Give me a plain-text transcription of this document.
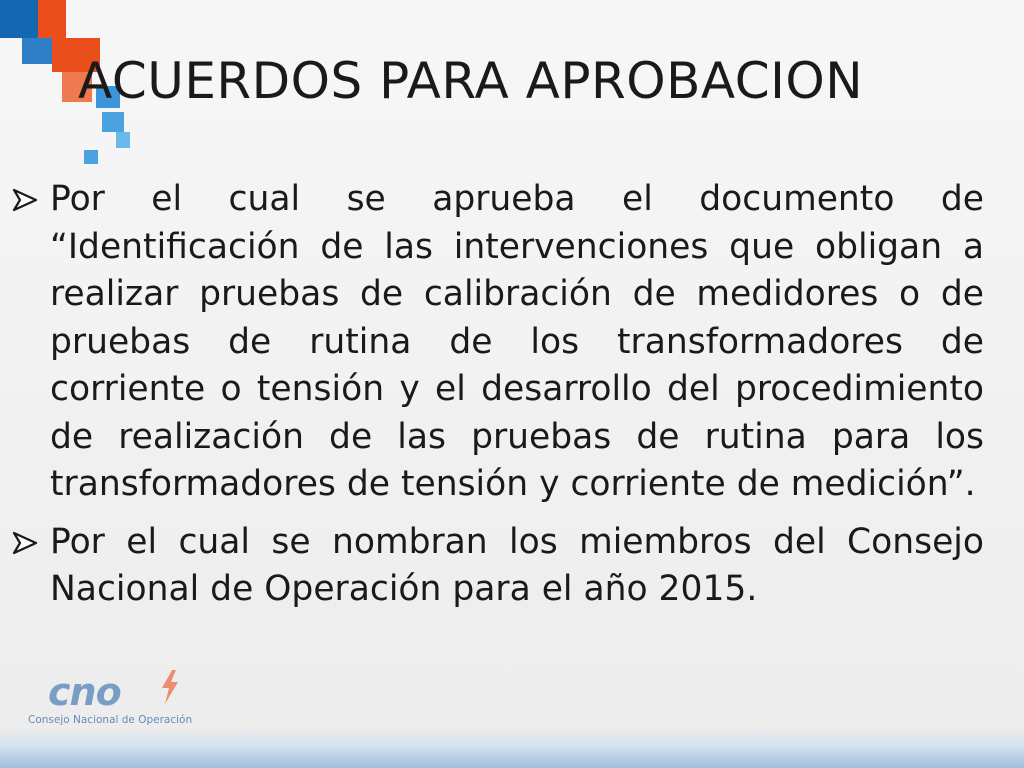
ACUERDOS PARA APROBACION
Por el cual se aprueba el documento de “Identificación de las intervenciones que obligan a realizar pruebas de calibración de medidores o de pruebas de rutina de los transformadores de corriente o tensión y el desarrollo del procedimiento de realización de las pruebas de rutina para los transformadores de tensión y corriente de medición”.
Por el cual se nombran los miembros del Consejo Nacional de Operación para el año 2015.
cno
Consejo Nacional de Operación
